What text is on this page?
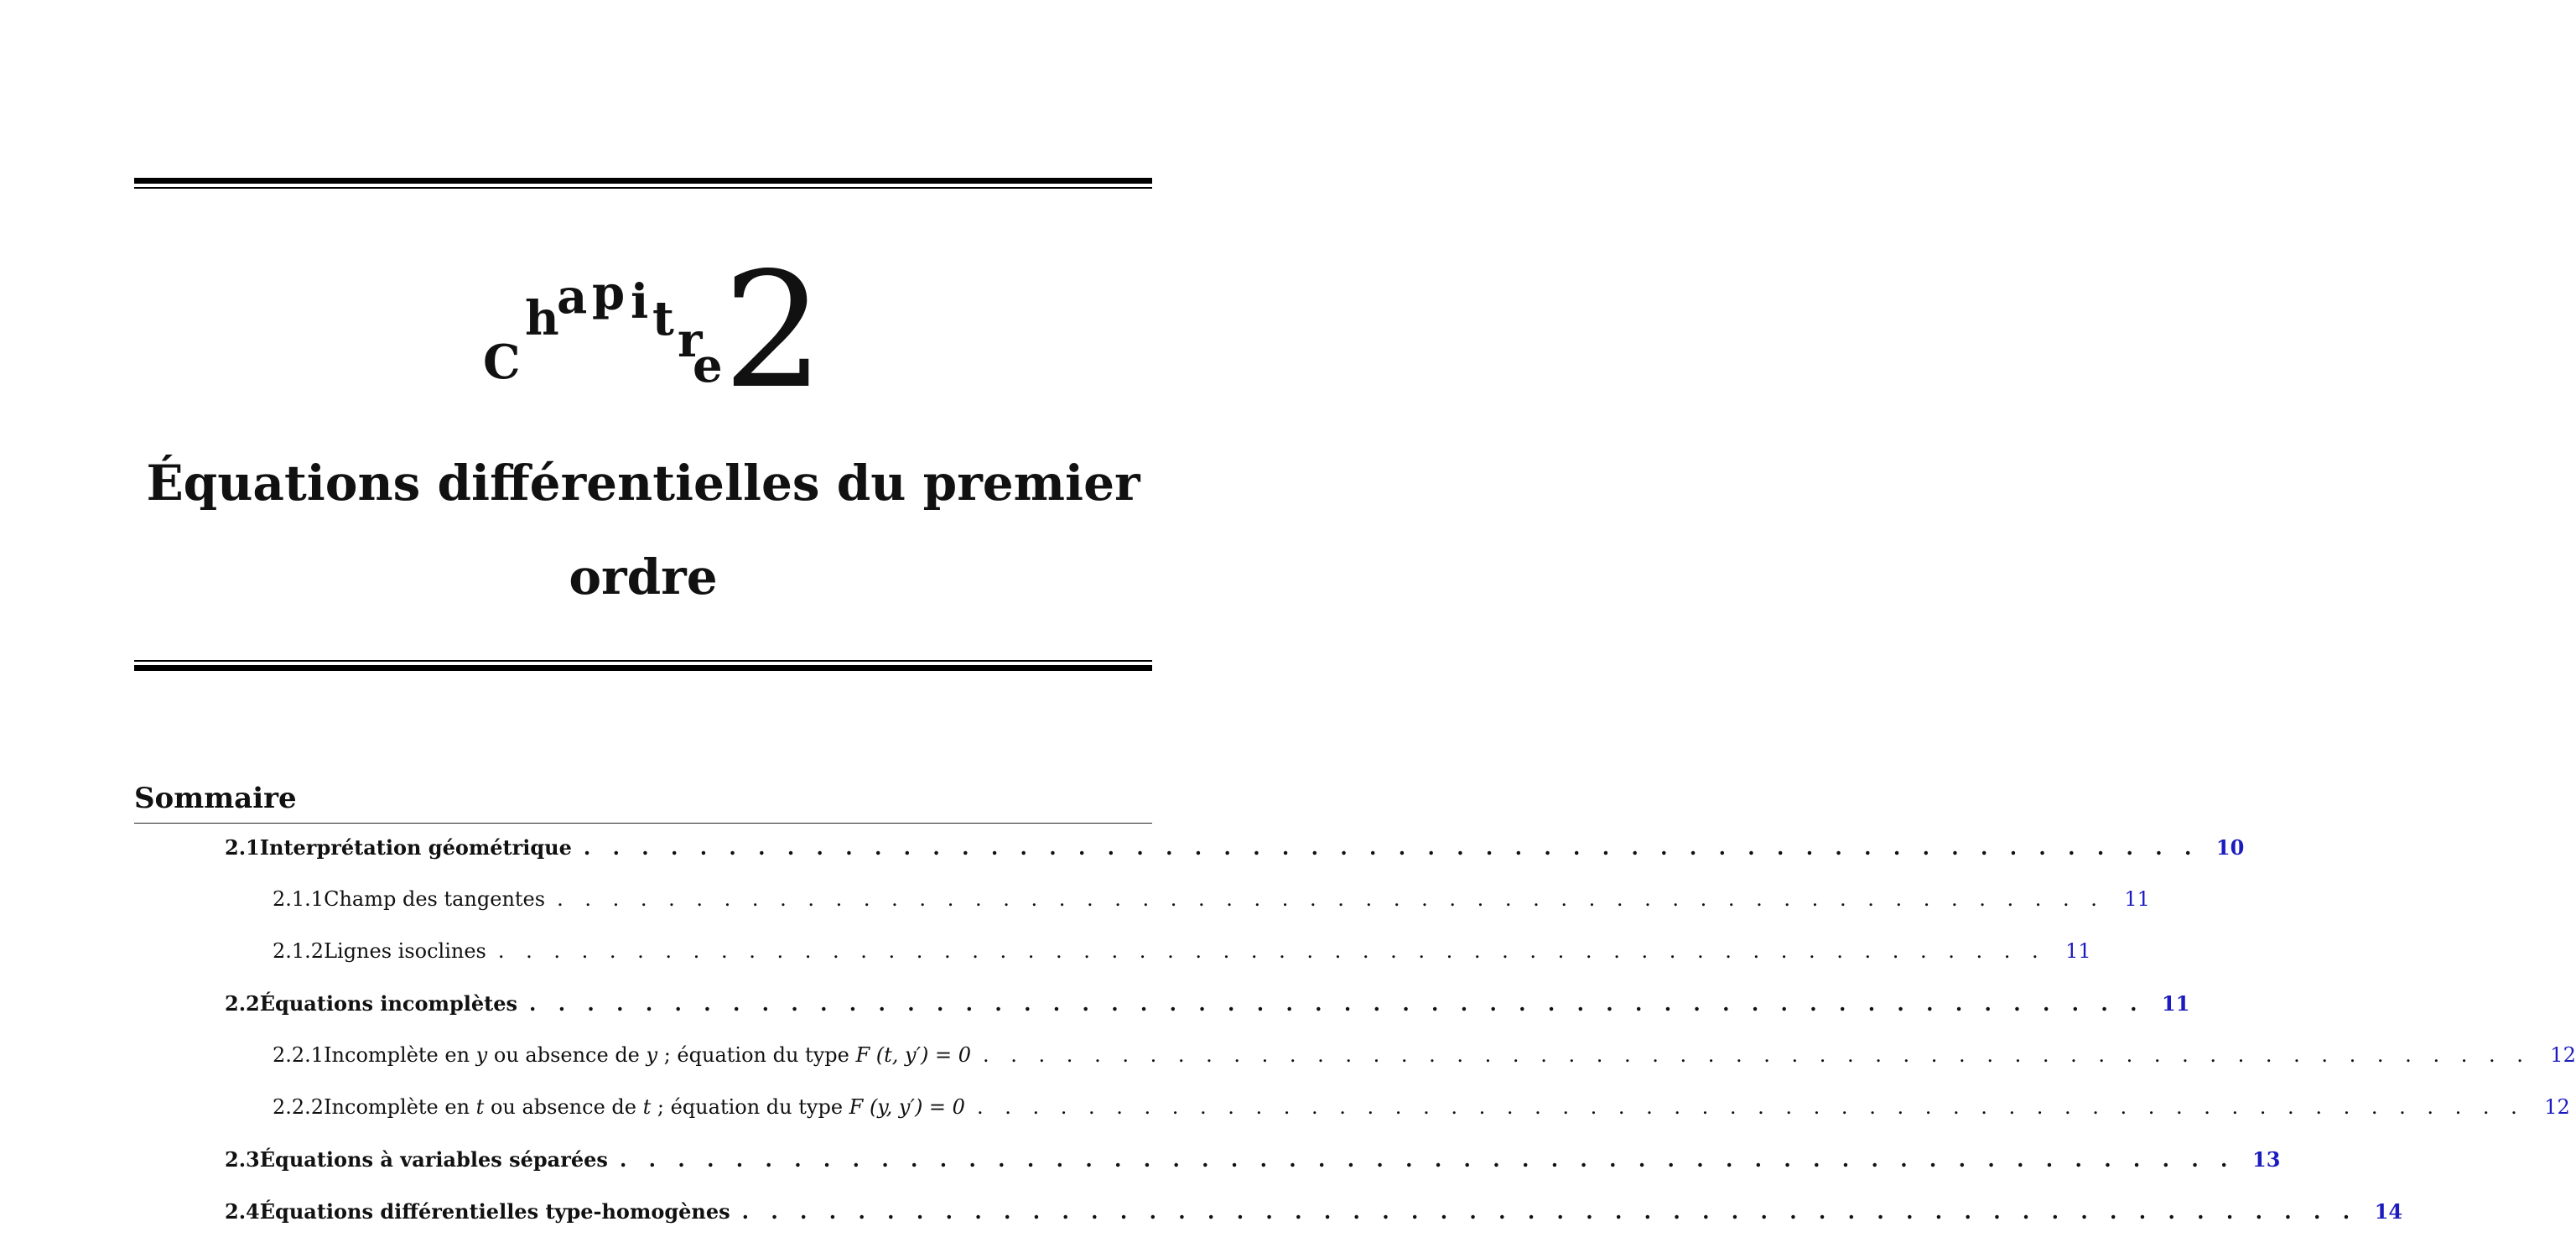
C
h
a p i t r
e 2
Équations différentielles du premier
ordre
Sommaire
2.1 Interprétation géométrique . . . . . . . . . . . . . . . . . . . . . . . . . . . . . . . . . . . . . . . . . . . . . . . . . . . . . . . . 10
2.1.1 Champ des tangentes . . . . . . . . . . . . . . . . . . . . . . . . . . . . . . . . . . . . . . . . . . . . . . . . . . . . . . . . 11
2.1.2 Lignes isoclines . . . . . . . . . . . . . . . . . . . . . . . . . . . . . . . . . . . . . . . . . . . . . . . . . . . . . . . . 11
2.2 Équations incomplètes . . . . . . . . . . . . . . . . . . . . . . . . . . . . . . . . . . . . . . . . . . . . . . . . . . . . . . . . 11
2.2.1 Incomplète en y ou absence de y ; équation du type F (t, y′) = 0 . . . . . . . . . . . . . . . . . . . . . . . . . . . . . . . . . . . . . . . . . . . . . . . . . . . . . . . . 12
2.2.2 Incomplète en t ou absence de t ; équation du type F (y, y′) = 0 . . . . . . . . . . . . . . . . . . . . . . . . . . . . . . . . . . . . . . . . . . . . . . . . . . . . . . . . 12
2.3 Équations à variables séparées . . . . . . . . . . . . . . . . . . . . . . . . . . . . . . . . . . . . . . . . . . . . . . . . . . . . . . . . 13
2.4 Équations différentielles type-homogènes . . . . . . . . . . . . . . . . . . . . . . . . . . . . . . . . . . . . . . . . . . . . . . . . . . . . . . . . 14
